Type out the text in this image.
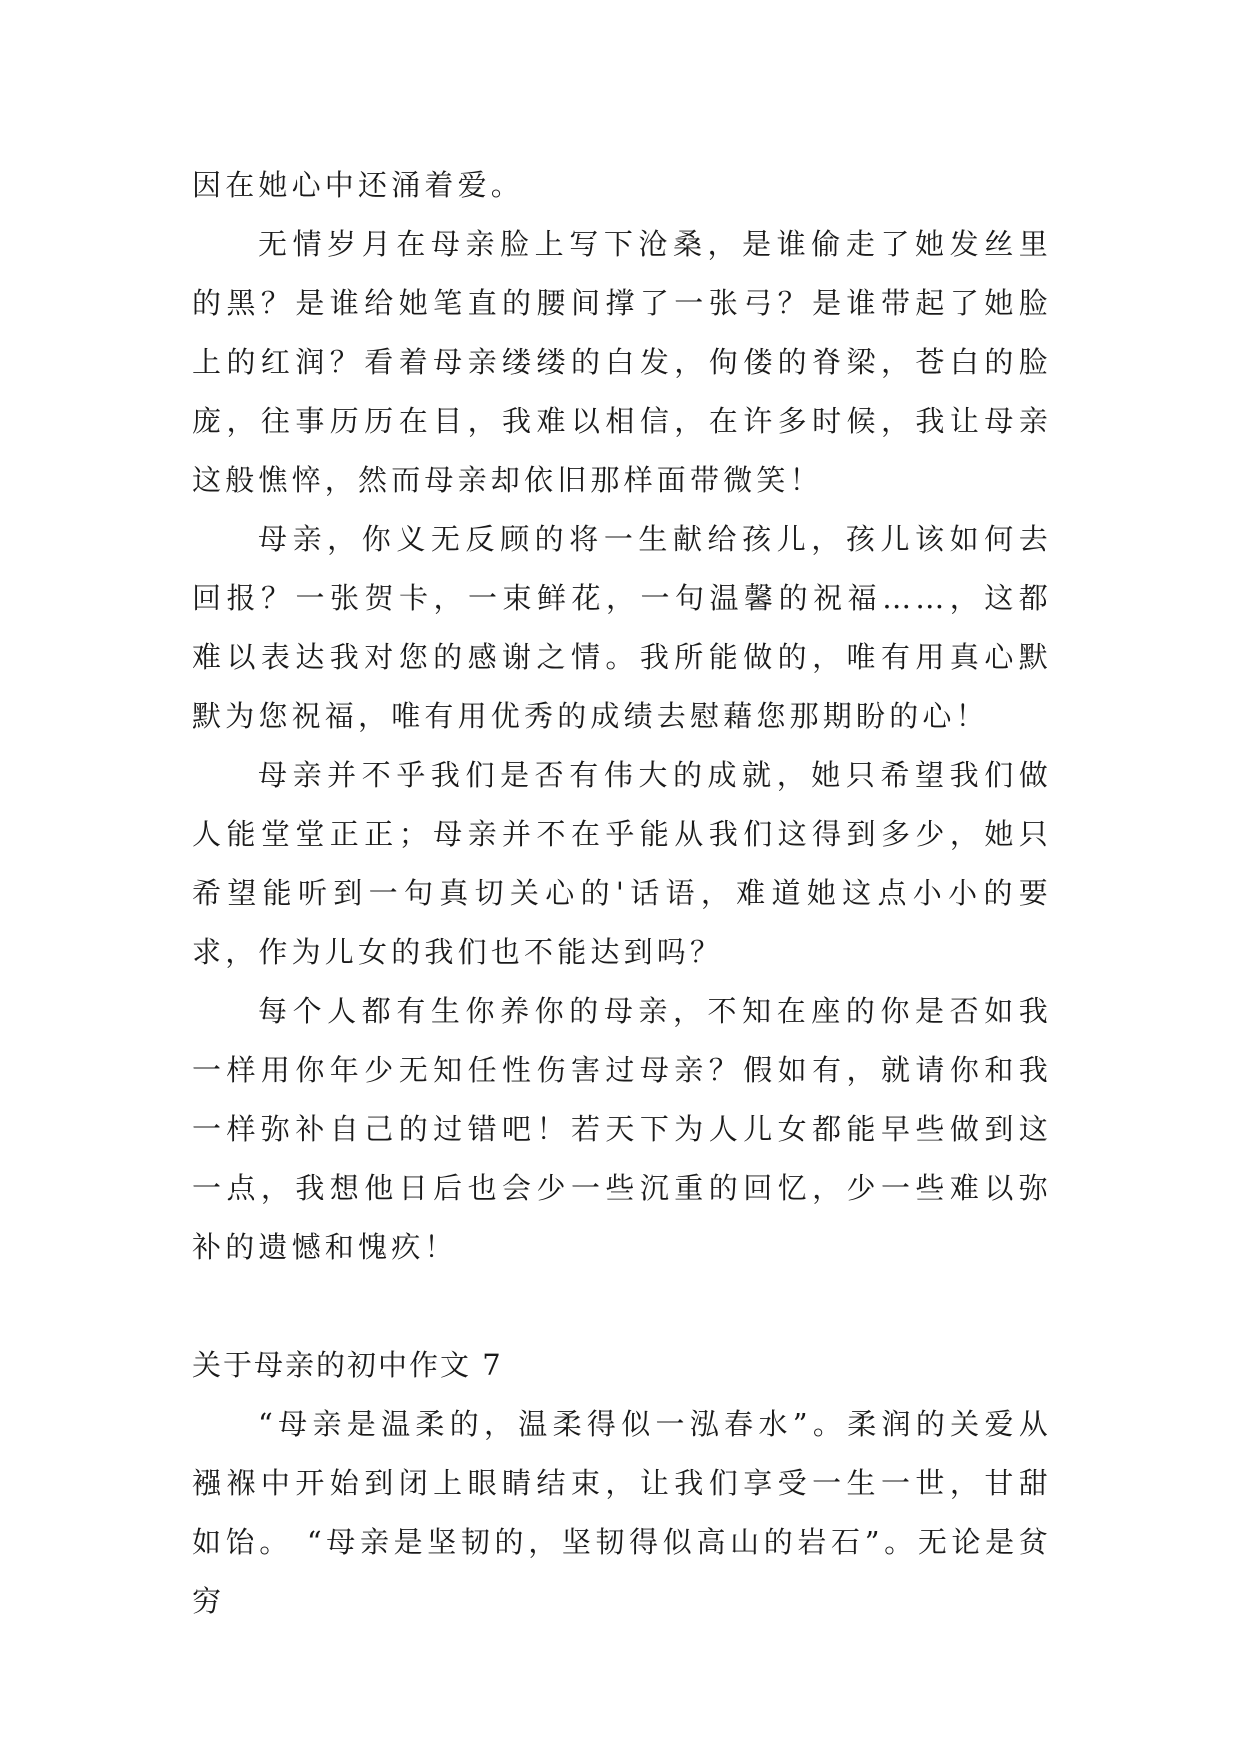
因在她心中还涌着爱。

无情岁月在母亲脸上写下沧桑，是谁偷走了她发丝里的黑？是谁给她笔直的腰间撑了一张弓？是谁带起了她脸上的红润？看着母亲缕缕的白发，佝偻的脊梁，苍白的脸庞，往事历历在目，我难以相信，在许多时候，我让母亲这般憔悴，然而母亲却依旧那样面带微笑！

母亲，你义无反顾的将一生献给孩儿，孩儿该如何去回报？一张贺卡，一束鲜花，一句温馨的祝福……，这都难以表达我对您的感谢之情。我所能做的，唯有用真心默默为您祝福，唯有用优秀的成绩去慰藉您那期盼的心！

母亲并不乎我们是否有伟大的成就，她只希望我们做人能堂堂正正；母亲并不在乎能从我们这得到多少，她只希望能听到一句真切关心的'话语，难道她这点小小的要求，作为儿女的我们也不能达到吗？

每个人都有生你养你的母亲，不知在座的你是否如我一样用你年少无知任性伤害过母亲？假如有，就请你和我一样弥补自己的过错吧！若天下为人儿女都能早些做到这一点，我想他日后也会少一些沉重的回忆，少一些难以弥补的遗憾和愧疚！

关于母亲的初中作文 7

“母亲是温柔的，温柔得似一泓春水”。柔润的关爱从襁褓中开始到闭上眼睛结束，让我们享受一生一世，甘甜如饴。 “母亲是坚韧的，坚韧得似高山的岩石”。无论是贫穷
